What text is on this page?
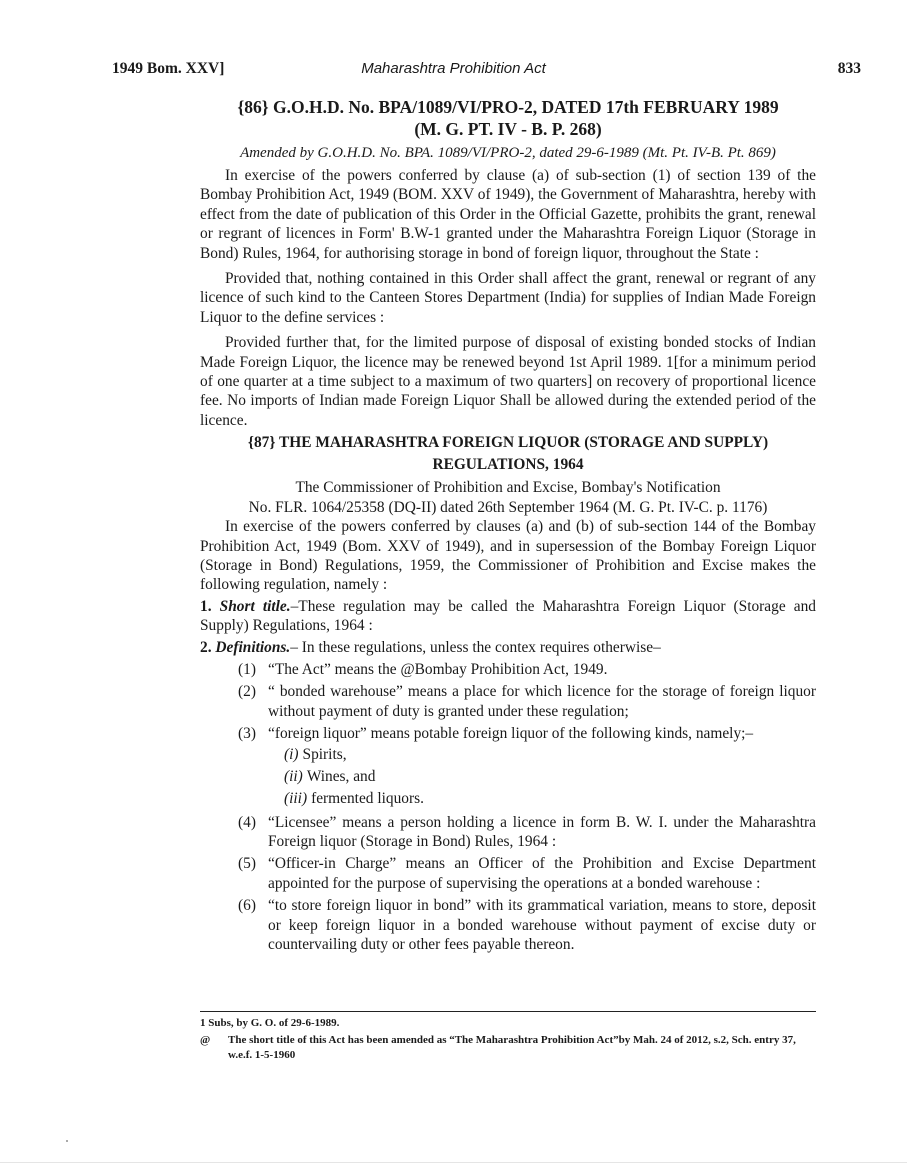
1949 Bom. XXV]	Maharashtra Prohibition Act	833
{86} G.O.H.D. No. BPA/1089/VI/PRO-2, DATED 17th FEBRUARY 1989
(M. G. PT. IV - B. P. 268)
Amended by G.O.H.D. No. BPA. 1089/VI/PRO-2, dated 29-6-1989 (Mt. Pt. IV-B. Pt. 869)

In exercise of the powers conferred by clause (a) of sub-section (1) of section 139 of the Bombay Prohibition Act, 1949 (BOM. XXV of 1949), the Government of Maharashtra, hereby with effect from the date of publication of this Order in the Official Gazette, prohibits the grant, renewal or regrant of licences in Form' B.W-1 granted under the Maharashtra Foreign Liquor (Storage in Bond) Rules, 1964, for authorising storage in bond of foreign liquor, throughout the State :

Provided that, nothing contained in this Order shall affect the grant, renewal or regrant of any licence of such kind to the Canteen Stores Department (India) for supplies of Indian Made Foreign Liquor to the define services :

Provided further that, for the limited purpose of disposal of existing bonded stocks of Indian Made Foreign Liquor, the licence may be renewed beyond 1st April 1989. 1[for a minimum period of one quarter at a time subject to a maximum of two quarters] on recovery of proportional licence fee. No imports of Indian made Foreign Liquor Shall be allowed during the extended period of the licence.

{87} THE MAHARASHTRA FOREIGN LIQUOR (STORAGE AND SUPPLY)
REGULATIONS, 1964
The Commissioner of Prohibition and Excise, Bombay's Notification
No. FLR. 1064/25358 (DQ-II) dated 26th September 1964 (M. G. Pt. IV-C. p. 1176)

In exercise of the powers conferred by clauses (a) and (b) of sub-section 144 of the Bombay Prohibition Act, 1949 (Bom. XXV of 1949), and in supersession of the Bombay Foreign Liquor (Storage in Bond) Regulations, 1959, the Commissioner of Prohibition and Excise makes the following regulation, namely :

1. Short title.–These regulation may be called the Maharashtra Foreign Liquor (Storage and Supply) Regulations, 1964 :

2. Definitions.– In these regulations, unless the contex requires otherwise–

(1) “The Act” means the @Bombay Prohibition Act, 1949.
(2) “ bonded warehouse” means a place for which licence for the storage of foreign liquor without payment of duty is granted under these regulation;
(3) “foreign liquor” means potable foreign liquor of the following kinds, namely;–
(i) Spirits,
(ii) Wines, and
(iii) fermented liquors.
(4) “Licensee” means a person holding a licence in form B. W. I. under the Maharashtra Foreign liquor (Storage in Bond) Rules, 1964 :
(5) “Officer-in Charge” means an Officer of the Prohibition and Excise Department appointed for the purpose of supervising the operations at a bonded warehouse :
(6) “to store foreign liquor in bond” with its grammatical variation, means to store, deposit or keep foreign liquor in a bonded warehouse without payment of excise duty or countervailing duty or other fees payable thereon.
1 Subs, by G. O. of 29-6-1989.
@	The short title of this Act has been amended as “The Maharashtra Prohibition Act”by Mah. 24 of 2012, s.2, Sch. entry 37, w.e.f. 1-5-1960
